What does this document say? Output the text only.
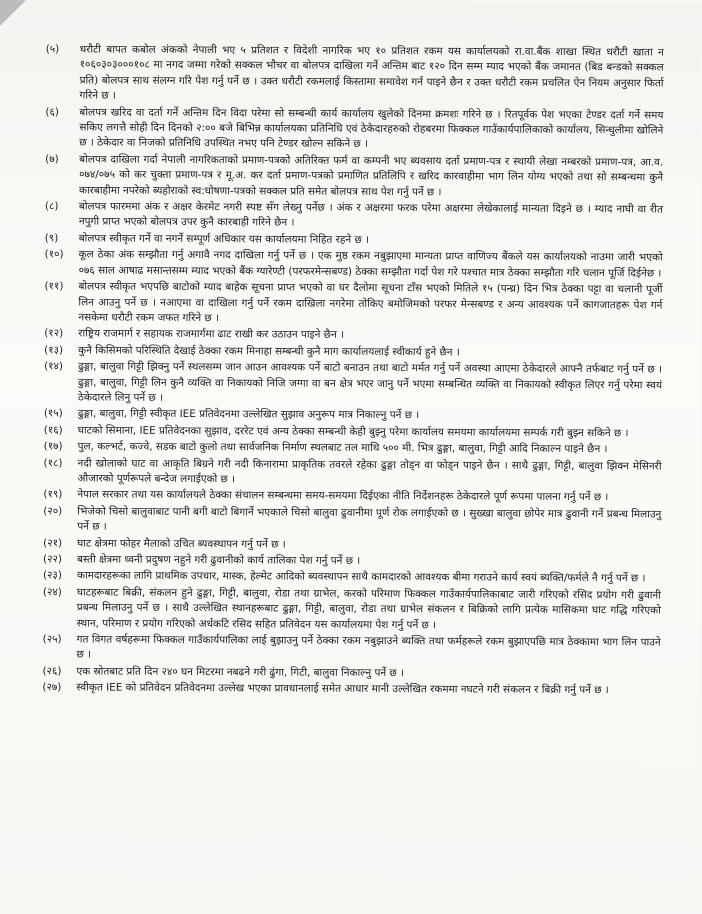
(५)	धरौटी बापत कबोल अंकको नेपाली भए ५ प्रतिशत र विदेशी नागरिक भए १० प्रतिशत रकम यस कार्यालयको रा.वा.बैंक शाखा स्थित धरौटी खाता न १०६०३०३०००१०८ मा नगद जम्मा गरेको सक्कल भौचर वा बोलपत्र दाखिला गर्ने अन्तिम बाट १२० दिन सम्म म्याद भएको बैंक जमानत (बिड बन्डको सक्कल प्रति) बोलपत्र साथ संलग्न गरि पेश गर्नु पर्ने छ । उक्त धरौटी रकमलाई किस्तामा समावेश गर्न पाइने छैन र उक्त धरौटी रकम प्रचलित ऐन नियम अनुसार फिर्ता गरिने छ ।
(६)	बोलपत्र खरिद वा दर्ता गर्ने अन्तिम दिन विदा परेमा सो सम्बन्धी कार्य कार्यालय खुलेको दिनमा क्रमशः गरिने छ । रितपूर्वक पेश भएका टेण्डर दर्ता गर्ने समय सकिए लगत्तै सोही दिन दिनको २:०० बजे बिभिन्न कार्यालयका प्रतिनिधि एवं ठेकेदारहरुको रोहबरमा फिक्कल गाउँकार्यपालिकाको कार्यालय, सिन्धुलीमा खोलिने छ । ठेकेदार वा निजको प्रतिनिधि उपस्थित नभए पनि टेण्डर खोल्न सकिने छ ।
(७)	बोलपत्र दाखिला गर्दा नेपाली नागरिकताको प्रमाण-पत्रको अतिरिक्त फर्म वा कम्पनी भए ब्यवसाय दर्ता प्रमाण-पत्र र स्थायी लेखा नम्बरको प्रमाण-पत्र, आ.व. ०७४/०७५ को कर चुक्ता प्रमाण-पत्र र मू.अ. कर दर्ता प्रमाण-पत्रको प्रमाणित प्रतिलिपि र खरिद कारवाहीमा भाग लिन योग्य भएको तथा सो सम्बन्धमा कुनै कारबाहीमा नपरेको ब्यहोराको स्व:घोषणा-पत्रको सक्कल प्रति समेत बोलपत्र साथ पेश गर्नु पर्ने छ ।
(८)	बोलपत्र फारममा अंक र अक्षर केरमेट नगरी स्पष्ट सँग लेख्नु पर्नेछ । अंक र अक्षरमा फरक परेमा अक्षरमा लेखेकालाई मान्यता दिइने छ । म्याद नाघी वा रीत नपुगी प्राप्त भएको बोलपत्र उपर कुनै कारबाही गरिने छैन ।
(९)	बोलपत्र स्वीकृत गर्ने वा नगर्ने सम्पूर्ण अधिकार यस कार्यालयमा निहित रहने छ ।
(१०)	कूल ठेका अंक सम्झौता गर्नु अगावै नगद दाखिला गर्नु पर्ने छ । एक मुष्ठ रकम नबुझाएमा मान्यता प्राप्त वाणिज्य बैंकले यस कार्यालयको नाउमा जारी भएको ०७६ साल आषाढ मसान्तसम्म म्याद भएको बैंक ग्यारेण्टी (परफरमेन्सबण्ड) ठेक्का सम्झौता गर्दा पेश गरे पश्चात मात्र ठेक्का सम्झौता गरि चलान पूर्जि दिईनेछ ।
(११)	बोलपत्र स्वीकृत भएपछि बाटोको म्याद बाहेक सूचना प्राप्त भएको वा घर दैलोमा सूचना टाँस भएको मितिले १५ (पन्ध्र) दिन भित्र ठेक्का पट्टा वा चलानी पूर्जी लिन आउनु पर्ने छ । नआएमा वा दाखिला गर्नु पर्ने रकम दाखिला नगरेमा तोकिए बमोजिमको परफर मेन्सबण्ड र अन्य आवश्यक पर्ने कागजातहरू पेश गर्न नसकेमा धरौटी रकम जफत गरिने छ ।
(१२)	राष्ट्रिय राजमार्ग र सहायक राजमार्गमा ढाट राखी कर उठाउन पाइने छैन ।
(१३)	कुनै किसिमको परिस्थिति देखाई ठेक्का रकम मिनाहा सम्बन्धी कुनै माग कार्यालयलाई स्वीकार्य हुने छैन ।
(१४)	ढुङ्गा, बालुवा गिट्टी झिक्नु पर्ने स्थलसम्म जान आउन आवश्यक पर्ने बाटो बनाउन तथा बाटो मर्मत गर्नु पर्ने अवस्था आएमा ठेकेदारले आफ्नै तर्फबाट गर्नु पर्ने छ । ढुङ्गा, बालुवा, गिट्टी लिन कुनै व्यक्ति वा निकायको निजि जग्गा वा बन क्षेत्र भएर जानु पर्ने भएमा सम्बन्धित व्यक्ति वा निकायको स्वीकृत लिएर गर्नु परेमा स्वयं ठेकेदारले लिनु पर्ने छ ।
(१५)	ढुङ्गा, बालुवा, गिट्टी स्वीकृत IEE प्रतिवेदनमा उल्लेखित सुझाव अनुरूप मात्र निकाल्नु पर्ने छ ।
(१६)	घाटको सिमाना, IEE प्रतिवेदनका सुझाव, दररेट एवं अन्य ठेक्का सम्बन्धी केही बुझ्नु परेमा कार्यालय समयमा कार्यालयमा सम्पर्क गरी बुझ्न सकिने छ ।
(१७)	पुल, कल्भर्ट, कज्वे, सडक बाटो कुलो तथा सार्वजनिक निर्माण स्थलबाट तल माथि ५०० मी. भित्र ढुङ्गा, बालुवा, गिट्टी आदि निकाल्न पाइने छैन ।
(१८)	नदी खोलाको घाट वा आकृति बिग्रने गरी नदी किनारामा प्राकृतिक तवरले रहेका ढुङ्गा तोड्न वा फोड्न पाइने छैन । साथै ढुङ्गा, गिट्टी, बालुवा झिक्न मेसिनरी औजारको पूर्णरूपले बन्देज लगाईएको छ ।
(१९)	नेपाल सरकार तथा यस कार्यालयले ठेक्का संचालन सम्बन्धमा समय-समयमा दिईएका नीति निर्देशनहरू ठेकेदारले पूर्ण रूपमा पालना गर्नु पर्ने छ ।
(२०)	भिजेको चिसो बालुवाबाट पानी बगी बाटो बिगार्ने भएकाले चिसो बालुवा ढुवानीमा पूर्ण रोक लगाईएको छ । सुख्खा बालुवा छोपेर मात्र ढुवानी गर्ने प्रबन्ध मिलाउनु पर्ने छ ।
(२१)	घाट क्षेत्रमा फोहर मैलाको उचित ब्यवस्थापन गर्नु पर्ने छ ।
(२२)	बस्ती क्षेत्रमा ध्वनी प्रदुषण नहुने गरी ढुवानीको कार्य तालिका पेश गर्नु पर्ने छ ।
(२३)	कामदारहरूका लागि प्राथमिक उपचार, मास्क, हेल्मेट आदिको ब्यवस्थापन साथै कामदारको आवश्यक बीमा गराउने कार्य स्वयं ब्यक्ति/फर्मले नै गर्नु पर्ने छ ।
(२४)	घाटहरूबाट बिक्री, संकलन हुने ढुङ्गा, गिट्टी, बालुवा, रोडा तथा ग्राभेल, करको परिमाण फिक्कल गाउँकार्यपालिकाबाट जारी गरिएको रसिद प्रयोग गरी ढुवानी प्रबन्ध मिलाउनु पर्ने छ । साथै उल्लेखित स्थानहरूबाट ढुङ्गा, गिट्टी, बालुवा, रोडा तथा ग्राभेल संकलन र बिक्रिको लागि प्रत्येक मासिकमा घाट गद्धि गरिएको स्थान, परिमाण र प्रयोग गरिएको अर्धकटि रसिद सहित प्रतिवेदन यस कार्यालयमा पेश गर्नु पर्ने छ ।
(२५)	गत विगत वर्षहरूमा फिक्कल गाउँकार्यपालिका लाई बुझाउनु पर्ने ठेक्का रकम नबुझाउने ब्यक्ति तथा फर्महरूले रकम बुझाएपछि मात्र ठेक्कामा भाग लिन पाउने छ ।
(२६)	एक स्रोतबाट प्रति दिन २४० घन मिटरमा नबढने गरी ढुंगा, गिटी, बालुवा निकाल्नु पर्ने छ ।
(२७)	स्वीकृत IEE को प्रतिवेदन प्रतिवेदनमा उल्लेख भएका प्रावधानलाई समेत आधार मानी उल्लेखित रकममा नघटने गरी संकलन र बिक्री गर्नु पर्ने छ ।
